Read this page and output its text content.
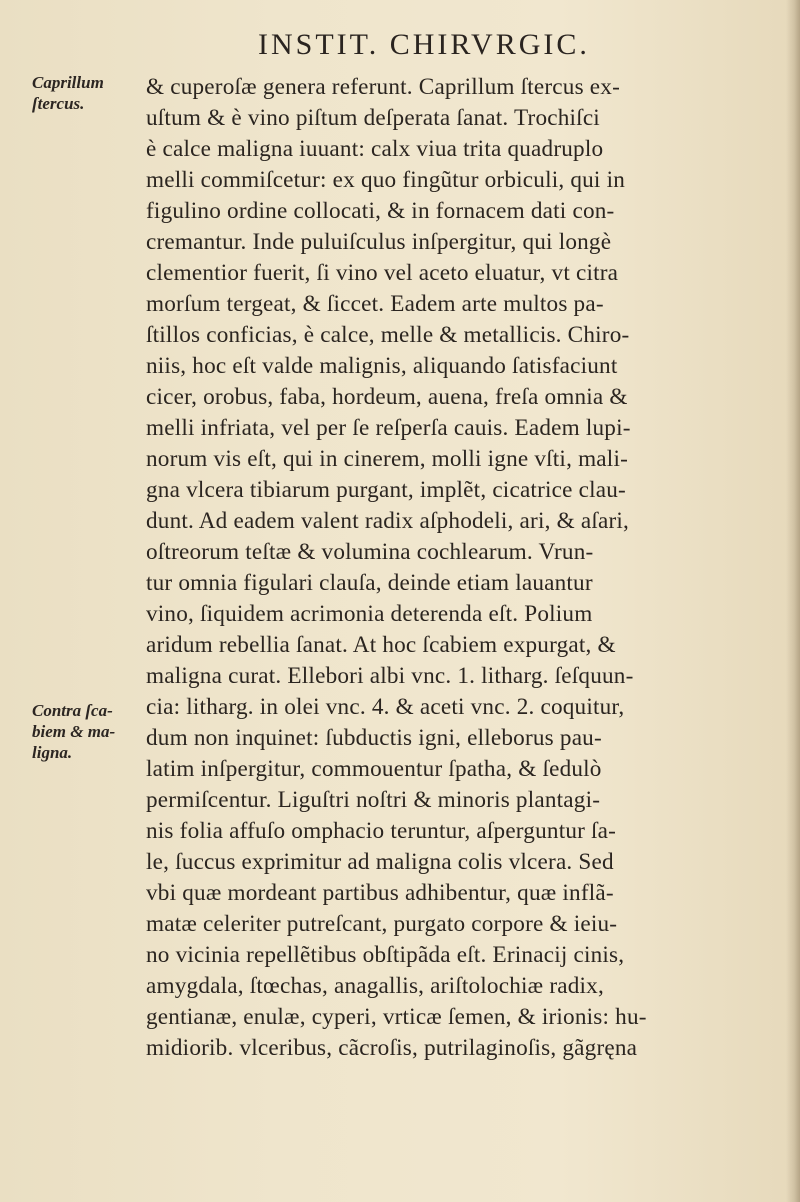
INSTIT. CHIRVRGIC.
Caprillum
ſtercus.
Contra ſca-
biem & ma-
ligna.
& cuperoſæ genera referunt. Caprillum ſtercus ex-
uſtum & è vino piſtum deſperata ſanat. Trochiſci
è calce maligna iuuant: calx viua trita quadruplo
melli commiſcetur: ex quo fingũtur orbiculi, qui in
figulino ordine collocati, & in fornacem dati con-
cremantur. Inde puluiſculus inſpergitur, qui longè
clementior fuerit, ſi vino vel aceto eluatur, vt citra
morſum tergeat, & ſiccet. Eadem arte multos pa-
ſtillos conficias, è calce, melle & metallicis. Chiro-
niis, hoc eſt valde malignis, aliquando ſatisfaciunt
cicer, orobus, faba, hordeum, auena, freſa omnia &
melli infriata, vel per ſe reſperſa cauis. Eadem lupi-
norum vis eſt, qui in cinerem, molli igne vſti, mali-
gna vlcera tibiarum purgant, implẽt, cicatrice clau-
dunt. Ad eadem valent radix aſphodeli, ari, & aſari,
oſtreorum teſtæ & volumina cochlearum. Vrun-
tur omnia figulari clauſa, deinde etiam lauantur
vino, ſiquidem acrimonia deterenda eſt. Polium
aridum rebellia ſanat. At hoc ſcabiem expurgat, &
maligna curat. Ellebori albi vnc. 1. litharg. ſeſquun-
cia: litharg. in olei vnc. 4. & aceti vnc. 2. coquitur,
dum non inquinet: ſubductis igni, elleborus pau-
latim inſpergitur, commouentur ſpatha, & ſedulò
permiſcentur. Liguſtri noſtri & minoris plantagi-
nis folia affuſo omphacio teruntur, aſperguntur ſa-
le, ſuccus exprimitur ad maligna colis vlcera. Sed
vbi quæ mordeant partibus adhibentur, quæ inflã-
matæ celeriter putreſcant, purgato corpore & ieiu-
no vicinia repellẽtibus obſtipãda eſt. Erinacij cinis,
amygdala, ſtœchas, anagallis, ariſtolochiæ radix,
gentianæ, enulæ, cyperi, vrticæ ſemen, & irionis: hu-
midiorib. vlceribus, cãcroſis, putrilaginoſis, gãgręna
